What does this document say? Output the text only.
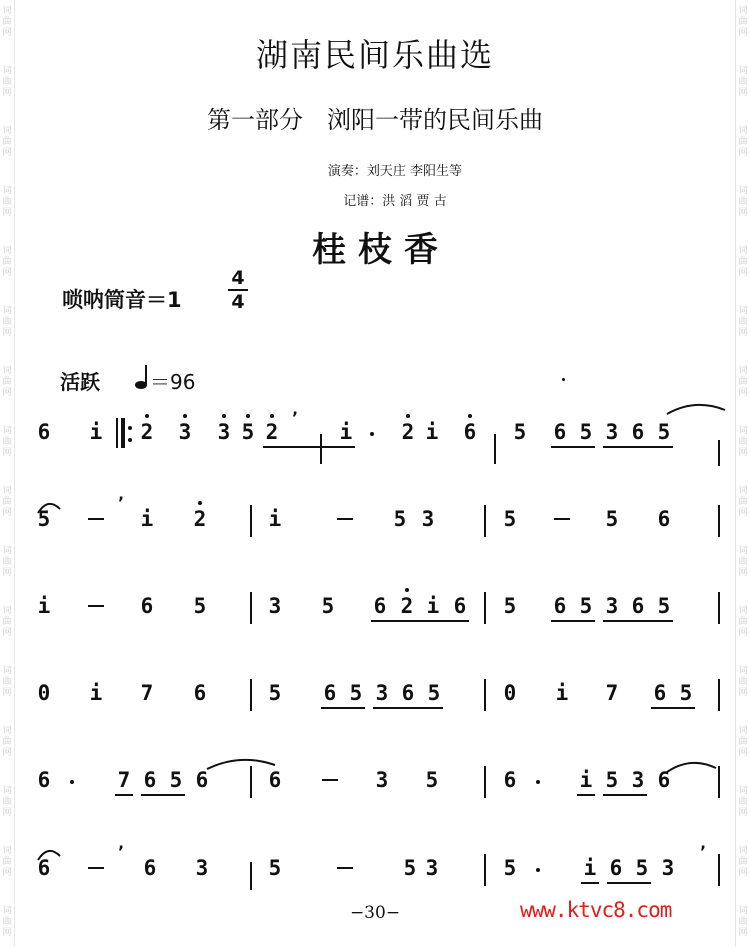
词
曲
网
词
曲
网
词
曲
网
词
曲
网
词
曲
网
词
曲
网
词
曲
网
词
曲
网
词
曲
网
词
曲
网
词
曲
网
词
曲
网
词
曲
网
词
曲
网
词
曲
网
词
曲
网
词
曲
网
词
曲
网
词
曲
网
词
曲
网
词
曲
网
词
曲
网
词
曲
网
词
曲
网
词
曲
网
词
曲
网
词
曲
网
词
曲
网
词
曲
网
词
曲
网
词
曲
网
词
曲
网
湖南民间乐曲选
第一部分　浏阳一带的民间乐曲
演奏：刘天庄 李阳生等
记谱：洪 滔 贾 古
桂 枝 香
唢呐筒音＝1
4
4
活跃	＝96
6 i 2 3 3 5 2	i 2 i 6 5 6 5 3 6 5
’
5	i 2	i	5 3	5	5 6
’
i	6 5	3 5 6 2 i 6 5 6 5 3 6 5
0 i 7 6	5 6 5 3 6 5	0 i 7 6 5
6	7 6 5 6	6	3 5	6	i 5 3 6
6	6 3	5	5 3	5	i 6 5 3
’	’
−30−	www.ktvc8.com
